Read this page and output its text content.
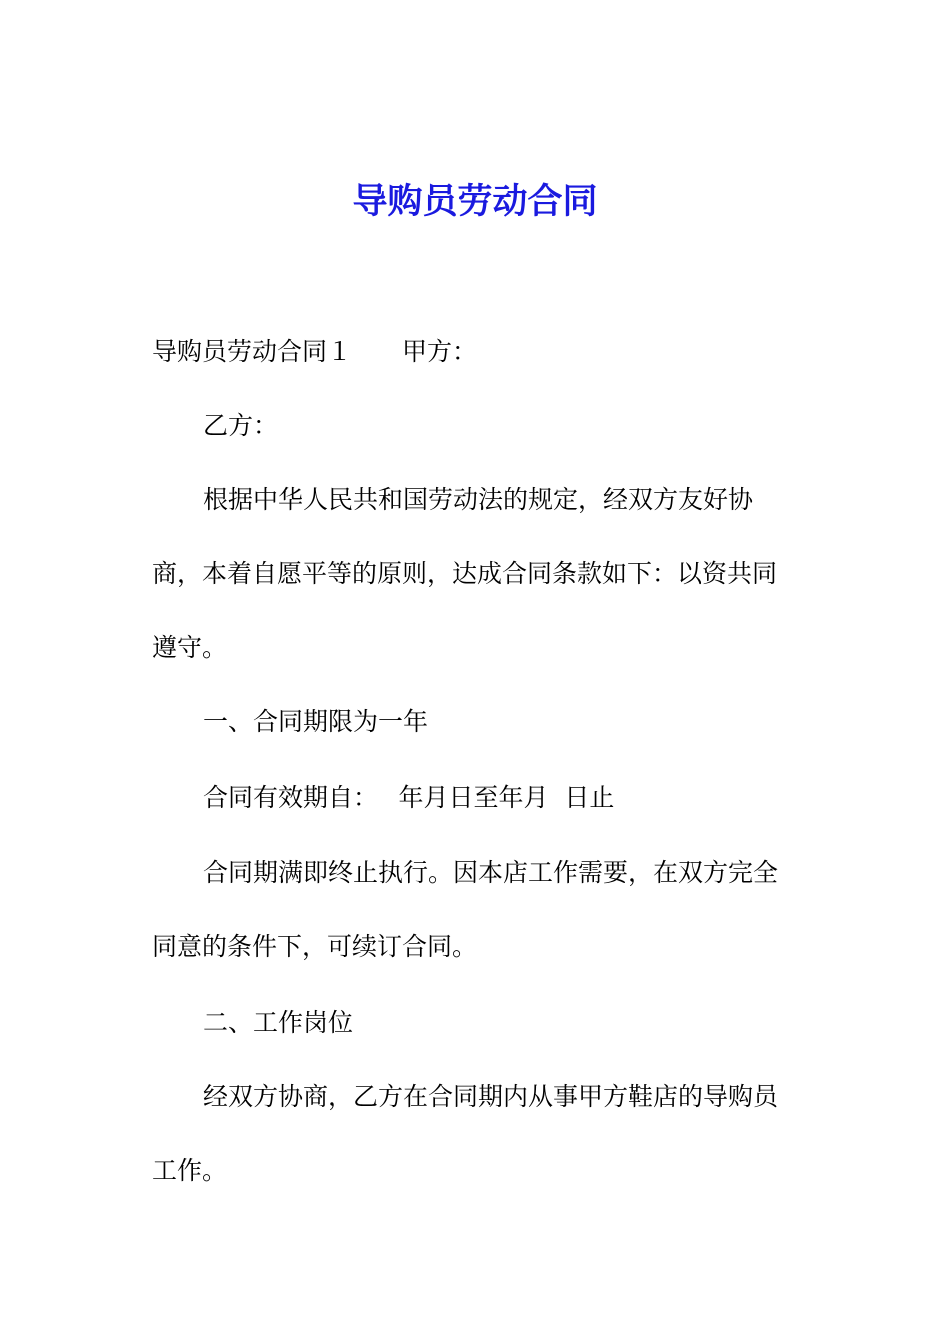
导购员劳动合同

导购员劳动合同１　　甲方：

乙方：

根据中华人民共和国劳动法的规定，经双方友好协

商，本着自愿平等的原则，达成合同条款如下：以资共同

遵守。

一、合同期限为一年

合同有效期自：　 年月日至年月  日止

合同期满即终止执行。因本店工作需要，在双方完全

同意的条件下，可续订合同。

二、工作岗位

经双方协商，乙方在合同期内从事甲方鞋店的导购员

工作。
